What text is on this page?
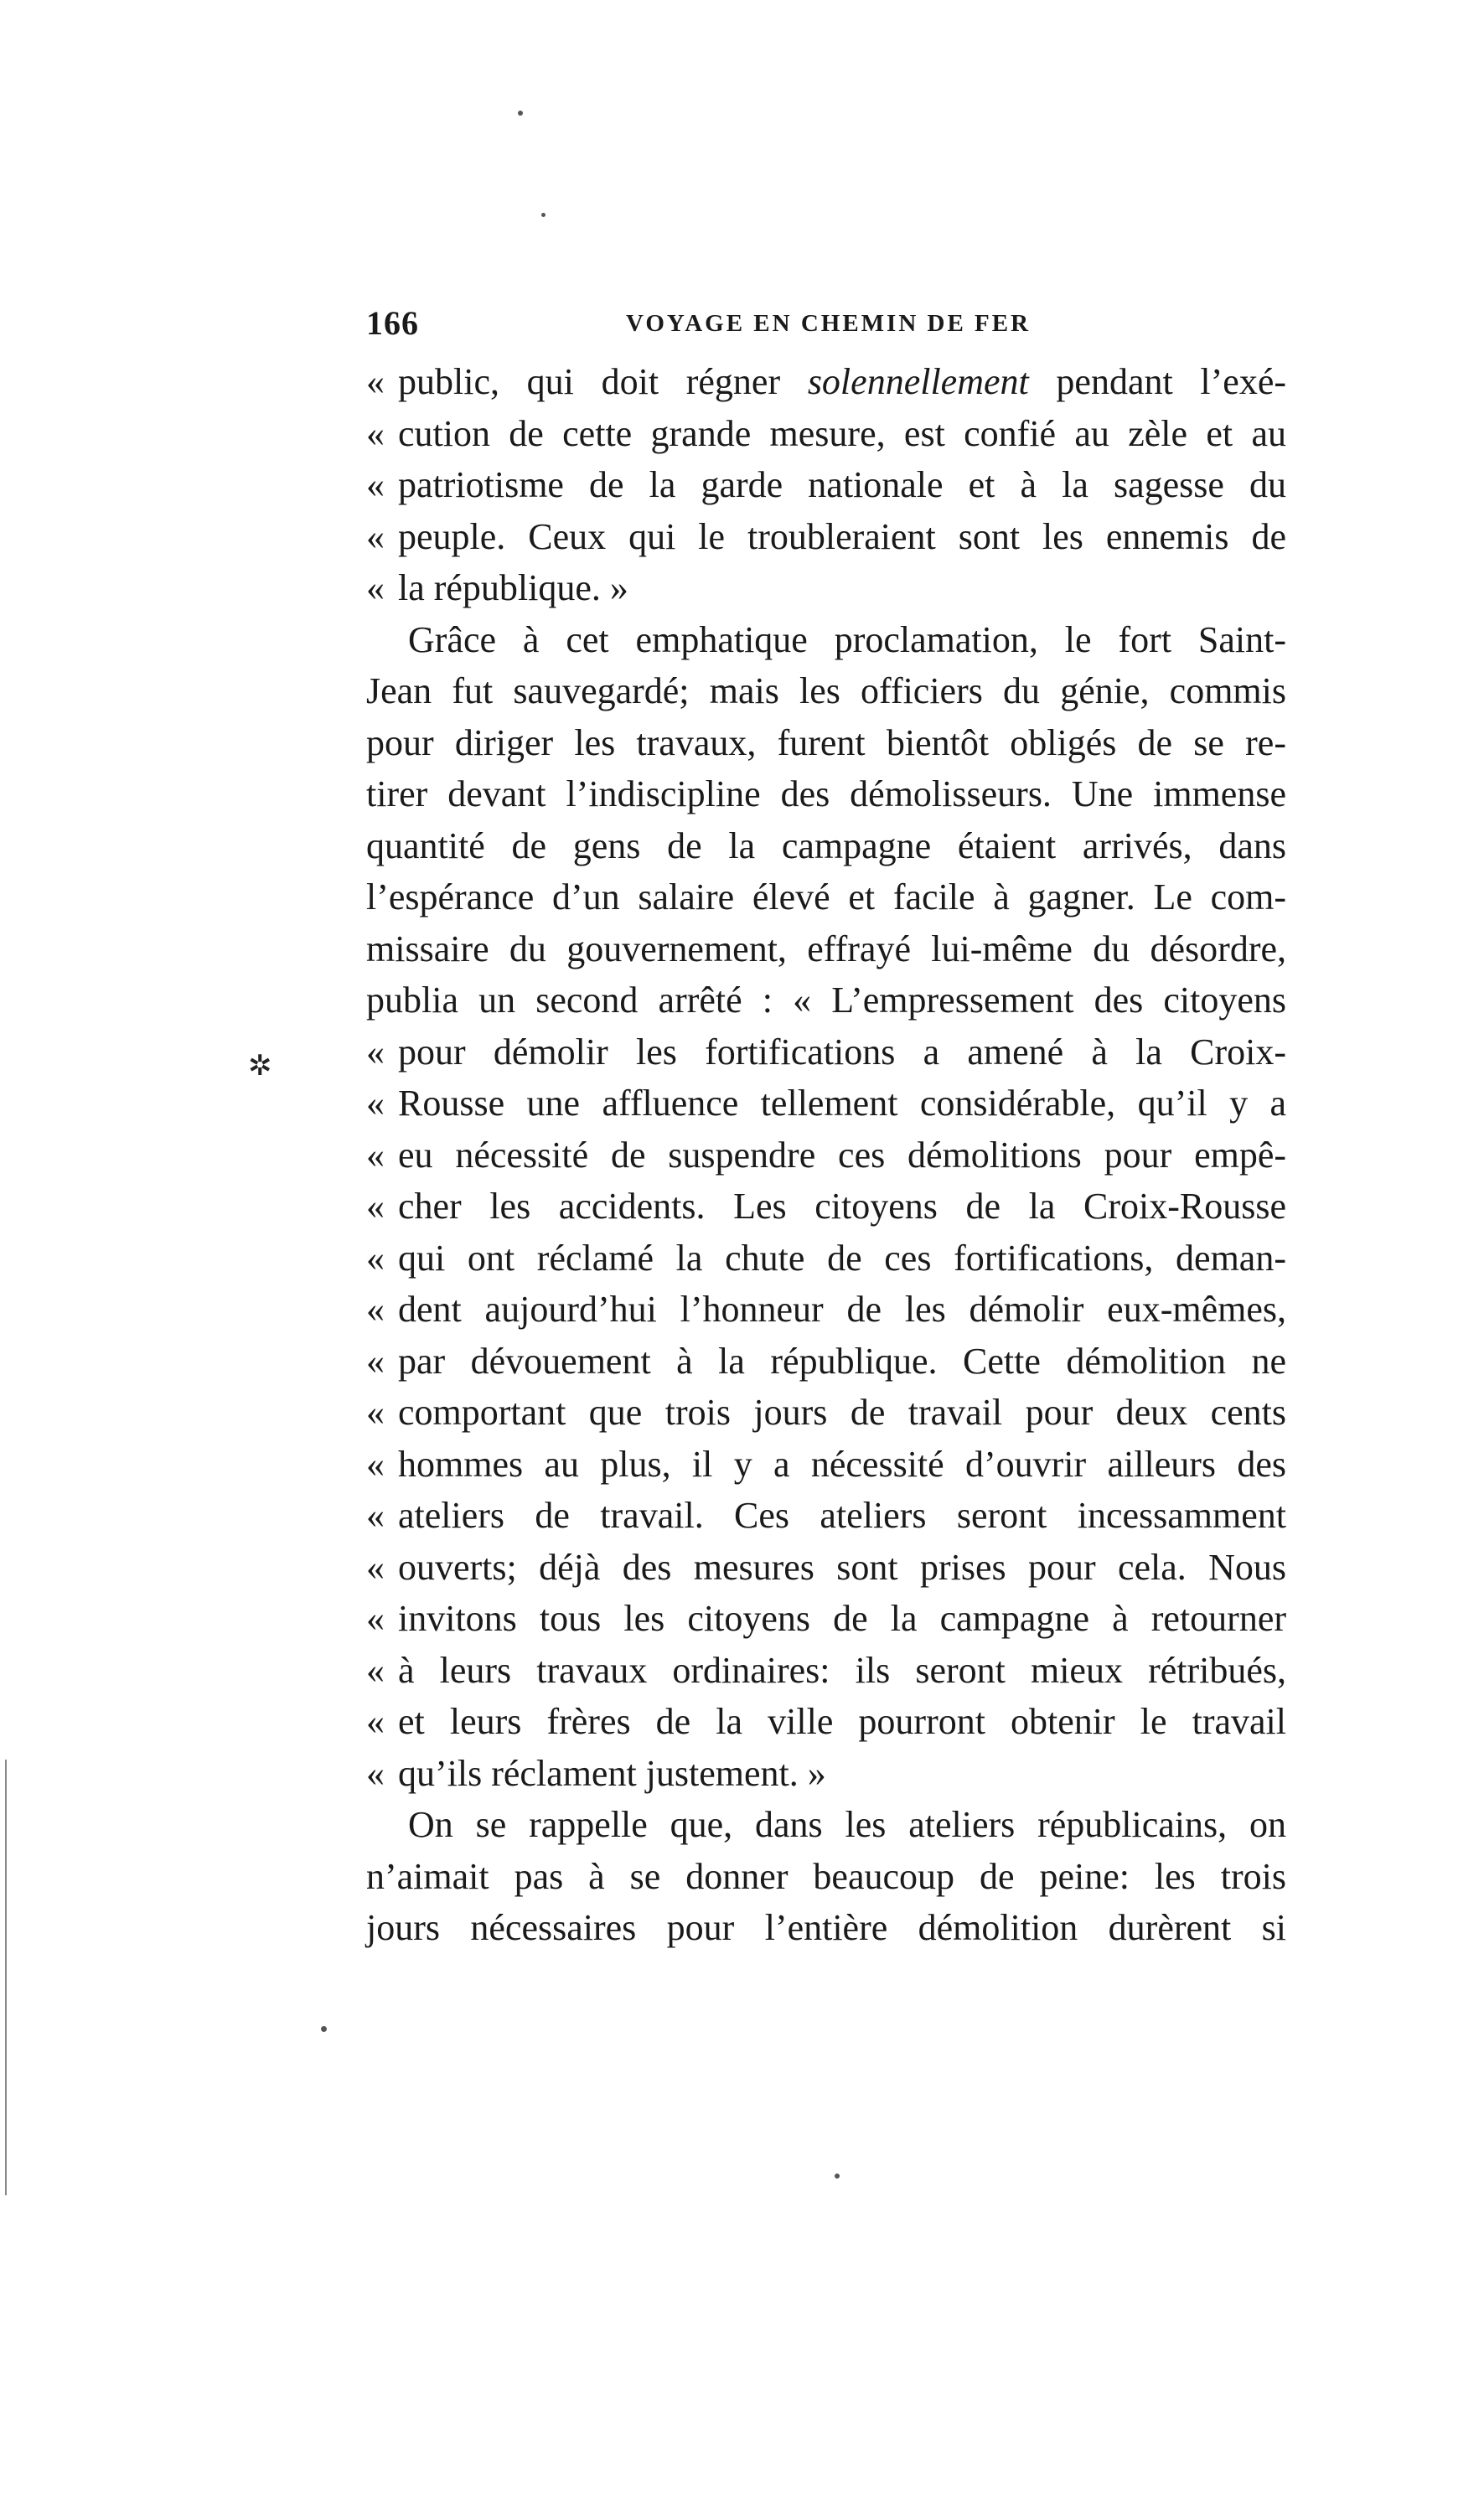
166	VOYAGE EN CHEMIN DE FER
« public, qui doit régner solennellement pendant l’exé-
« cution de cette grande mesure, est confié au zèle et au
« patriotisme de la garde nationale et à la sagesse du
« peuple. Ceux qui le troubleraient sont les ennemis de
« la république. »
Grâce à cet emphatique proclamation, le fort Saint-
Jean fut sauvegardé; mais les officiers du génie, commis
pour diriger les travaux, furent bientôt obligés de se re-
tirer devant l’indiscipline des démolisseurs. Une immense
quantité de gens de la campagne étaient arrivés, dans
l’espérance d’un salaire élevé et facile à gagner. Le com-
missaire du gouvernement, effrayé lui-même du désordre,
publia un second arrêté : « L’empressement des citoyens
« pour démolir les fortifications a amené à la Croix-
« Rousse une affluence tellement considérable, qu’il y a
« eu nécessité de suspendre ces démolitions pour empê-
« cher les accidents. Les citoyens de la Croix-Rousse
« qui ont réclamé la chute de ces fortifications, deman-
« dent aujourd’hui l’honneur de les démolir eux-mêmes,
« par dévouement à la république. Cette démolition ne
« comportant que trois jours de travail pour deux cents
« hommes au plus, il y a nécessité d’ouvrir ailleurs des
« ateliers de travail. Ces ateliers seront incessamment
« ouverts; déjà des mesures sont prises pour cela. Nous
« invitons tous les citoyens de la campagne à retourner
« à leurs travaux ordinaires: ils seront mieux rétribués,
« et leurs frères de la ville pourront obtenir le travail
« qu’ils réclament justement. »
On se rappelle que, dans les ateliers républicains, on
n’aimait pas à se donner beaucoup de peine: les trois
jours nécessaires pour l’entière démolition durèrent si
✲
